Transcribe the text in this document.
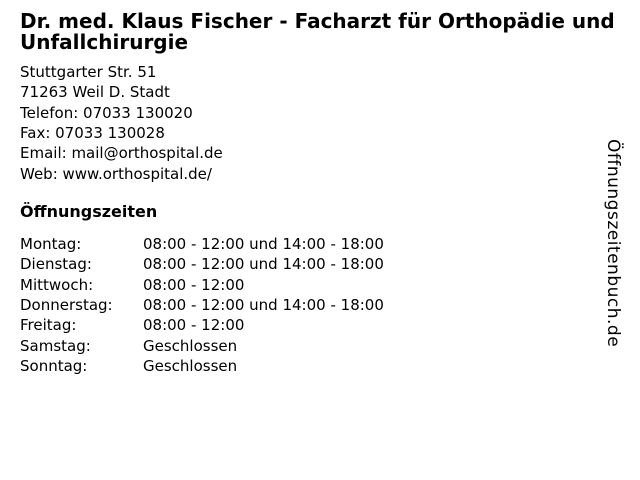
Dr. med. Klaus Fischer - Facharzt für Orthopädie und Unfallchirurgie
Stuttgarter Str. 51
71263 Weil D. Stadt
Telefon: 07033 130020
Fax: 07033 130028
Email: mail@orthospital.de
Web: www.orthospital.de/
Öffnungszeiten
Montag:	08:00 - 12:00 und 14:00 - 18:00
Dienstag:	08:00 - 12:00 und 14:00 - 18:00
Mittwoch:	08:00 - 12:00
Donnerstag:	08:00 - 12:00 und 14:00 - 18:00
Freitag:	08:00 - 12:00
Samstag:	Geschlossen
Sonntag:	Geschlossen
Öffnungszeitenbuch.de
